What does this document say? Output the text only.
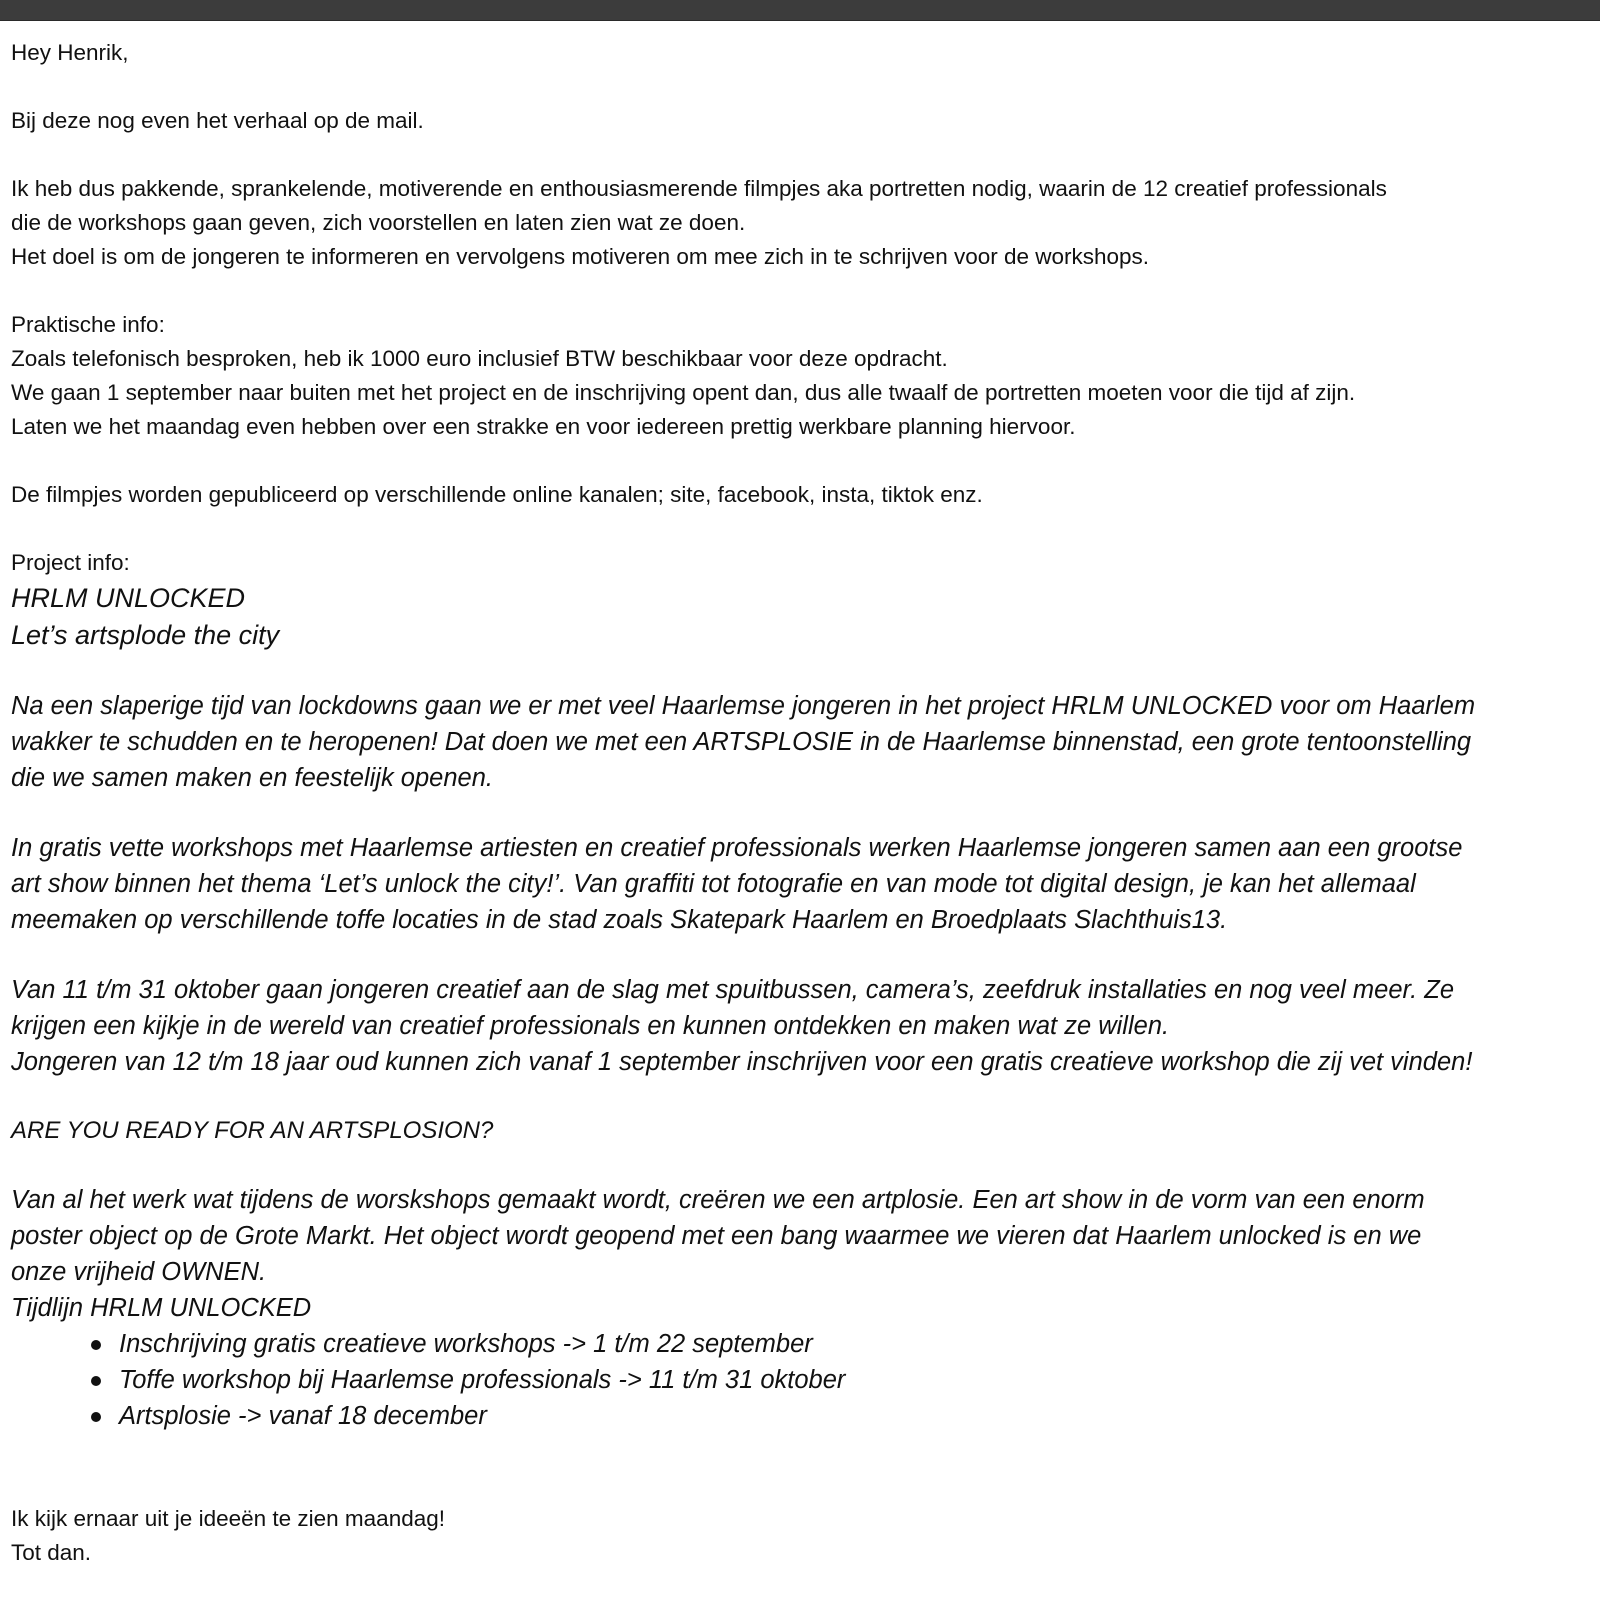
Hey Henrik,
Bij deze nog even het verhaal op de mail.
Ik heb dus pakkende, sprankelende, motiverende en enthousiasmerende filmpjes aka portretten nodig, waarin de 12 creatief professionals
die de workshops gaan geven, zich voorstellen en laten zien wat ze doen.
Het doel is om de jongeren te informeren en vervolgens motiveren om mee zich in te schrijven voor de workshops.
Praktische info:
Zoals telefonisch besproken, heb ik 1000 euro inclusief BTW beschikbaar voor deze opdracht.
We gaan 1 september naar buiten met het project en de inschrijving opent dan, dus alle twaalf de portretten moeten voor die tijd af zijn.
Laten we het maandag even hebben over een strakke en voor iedereen prettig werkbare planning hiervoor.
De filmpjes worden gepubliceerd op verschillende online kanalen; site, facebook, insta, tiktok enz.
Project info:
HRLM UNLOCKED
Let’s artsplode the city
Na een slaperige tijd van lockdowns gaan we er met veel Haarlemse jongeren in het project HRLM UNLOCKED voor om Haarlem
wakker te schudden en te heropenen! Dat doen we met een ARTSPLOSIE in de Haarlemse binnenstad, een grote tentoonstelling
die we samen maken en feestelijk openen.
In gratis vette workshops met Haarlemse artiesten en creatief professionals werken Haarlemse jongeren samen aan een grootse
art show binnen het thema ‘Let’s unlock the city!’. Van graffiti tot fotografie en van mode tot digital design, je kan het allemaal
meemaken op verschillende toffe locaties in de stad zoals Skatepark Haarlem en Broedplaats Slachthuis13.
Van 11 t/m 31 oktober gaan jongeren creatief aan de slag met spuitbussen, camera’s, zeefdruk installaties en nog veel meer. Ze
krijgen een kijkje in de wereld van creatief professionals en kunnen ontdekken en maken wat ze willen.
Jongeren van 12 t/m 18 jaar oud kunnen zich vanaf 1 september inschrijven voor een gratis creatieve workshop die zij vet vinden!
ARE YOU READY FOR AN ARTSPLOSION?
Van al het werk wat tijdens de worskshops gemaakt wordt, creëren we een artplosie. Een art show in de vorm van een enorm
poster object op de Grote Markt. Het object wordt geopend met een bang waarmee we vieren dat Haarlem unlocked is en we
onze vrijheid OWNEN.
Tijdlijn HRLM UNLOCKED
Inschrijving gratis creatieve workshops -> 1 t/m 22 september
Toffe workshop bij Haarlemse professionals -> 11 t/m 31 oktober
Artsplosie -> vanaf 18 december
Ik kijk ernaar uit je ideeën te zien maandag!
Tot dan.
